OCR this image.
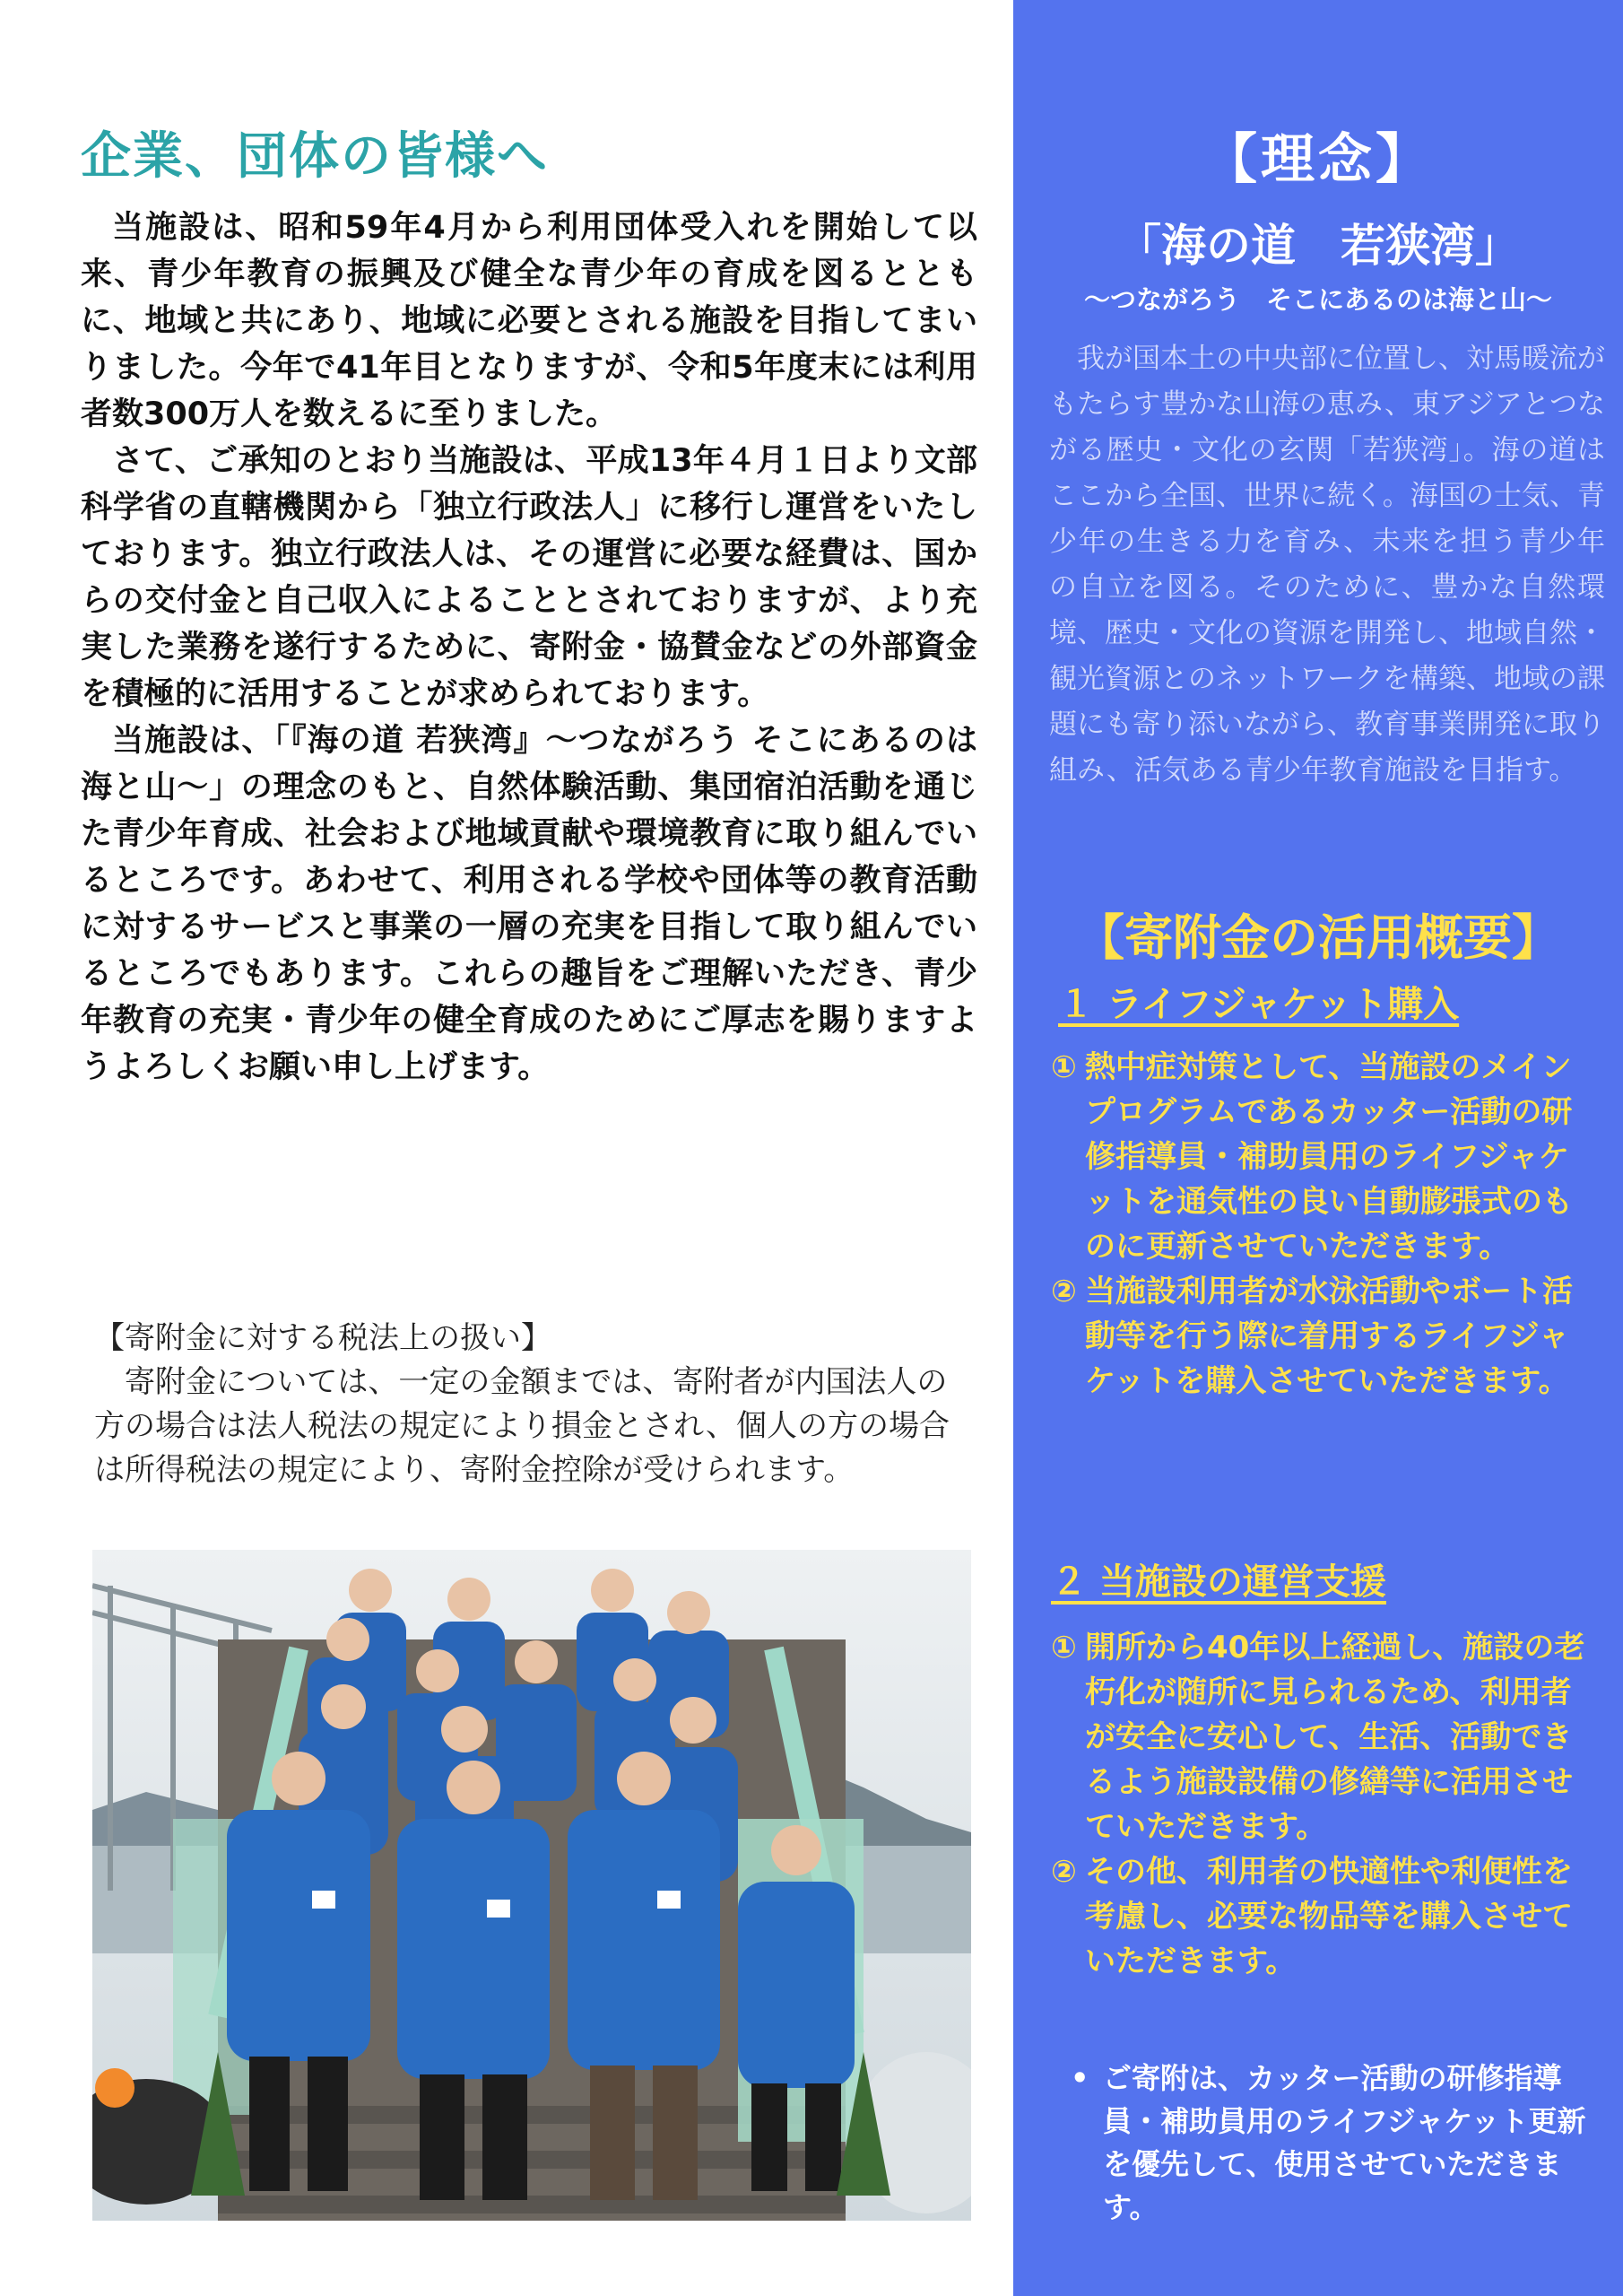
企業、団体の皆様へ

当施設は、昭和59年4月から利用団体受入れを開始して以来、青少年教育の振興及び健全な青少年の育成を図るとともに、地域と共にあり、地域に必要とされる施設を目指してまいりました。今年で41年目となりますが、令和5年度末には利用者数300万人を数えるに至りました。

さて、ご承知のとおり当施設は、平成13年４月１日より文部科学省の直轄機関から「独立行政法人」に移行し運営をいたしております。独立行政法人は、その運営に必要な経費は、国からの交付金と自己収入によることとされておりますが、より充実した業務を遂行するために、寄附金・協賛金などの外部資金を積極的に活用することが求められております。

当施設は、「『海の道 若狭湾』～つながろう そこにあるのは海と山～」の理念のもと、自然体験活動、集団宿泊活動を通じた青少年育成、社会および地域貢献や環境教育に取り組んでいるところです。あわせて、利用される学校や団体等の教育活動に対するサービスと事業の一層の充実を目指して取り組んでいるところでもあります。これらの趣旨をご理解いただき、青少年教育の充実・青少年の健全育成のためにご厚志を賜りますようよろしくお願い申し上げます。

【寄附金に対する税法上の扱い】

寄附金については、一定の金額までは、寄附者が内国法人の方の場合は法人税法の規定により損金とされ、個人の方の場合は所得税法の規定により、寄附金控除が受けられます。

【理念】

「海の道　若狭湾」

～つながろう　そこにあるのは海と山～

我が国本土の中央部に位置し、対馬暖流がもたらす豊かな山海の恵み、東アジアとつながる歴史・文化の玄関「若狭湾」。海の道はここから全国、世界に続く。海国の士気、青少年の生きる力を育み、未来を担う青少年の自立を図る。そのために、豊かな自然環境、歴史・文化の資源を開発し、地域自然・観光資源とのネットワークを構築、地域の課題にも寄り添いながら、教育事業開発に取り組み、活気ある青少年教育施設を目指す。

【寄附金の活用概要】
１ ライフジャケット購入
① 熱中症対策として、当施設のメインプログラムであるカッター活動の研修指導員・補助員用のライフジャケットを通気性の良い自動膨張式のものに更新させていただきます。
② 当施設利用者が水泳活動やボート活動等を行う際に着用するライフジャケットを購入させていただきます。
２ 当施設の運営支援
① 開所から40年以上経過し、施設の老朽化が随所に見られるため、利用者が安全に安心して、生活、活動できるよう施設設備の修繕等に活用させていただきます。
② その他、利用者の快適性や利便性を考慮し、必要な物品等を購入させていただきます。
• ご寄附は、カッター活動の研修指導員・補助員用のライフジャケット更新を優先して、使用させていただきます。
